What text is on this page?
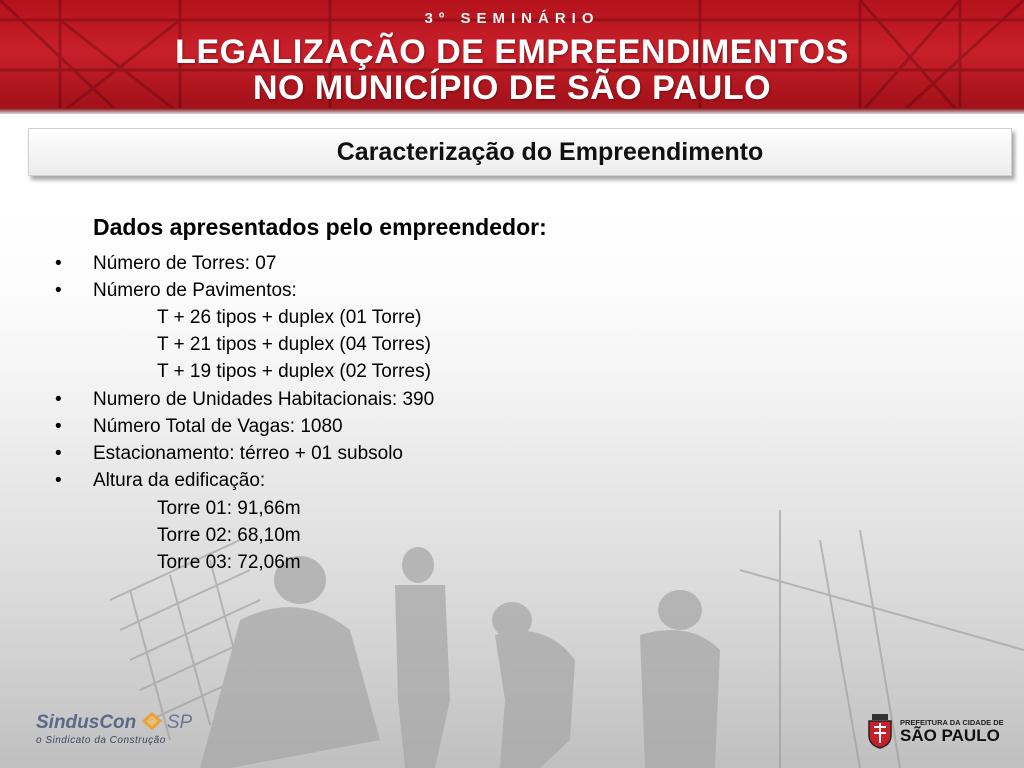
3º SEMINÁRIO
LEGALIZAÇÃO DE EMPREENDIMENTOS
NO MUNICÍPIO DE SÃO PAULO
Caracterização do Empreendimento
Dados apresentados pelo empreendedor:
• Número de Torres: 07
• Número de Pavimentos:
T + 26 tipos + duplex (01 Torre)
T + 21 tipos + duplex (04 Torres)
T + 19 tipos + duplex (02 Torres)
• Numero de Unidades Habitacionais: 390
• Número Total de Vagas: 1080
• Estacionamento: térreo + 01 subsolo
• Altura da edificação:
Torre 01: 91,66m
Torre 02: 68,10m
Torre 03: 72,06m
SindusCon SP
o Sindicato da Construção
PREFEITURA DA CIDADE DE
SÃO PAULO
